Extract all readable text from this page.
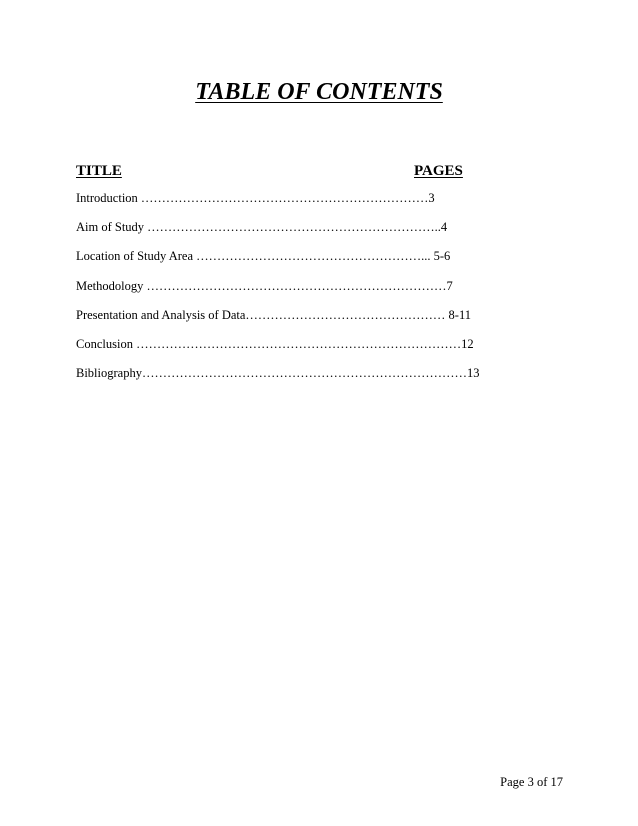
TABLE OF CONTENTS
TITLE	PAGES
Introduction ……………………………………………………………3
Aim of Study ……………………………………………………………..4
Location of Study Area ………………………………………………... 5-6
Methodology ………………………………………………………………7
Presentation and Analysis of Data………………………………………… 8-11
Conclusion ……………………………………………………………………12
Bibliography……………………………………………………………………13
Page 3 of 17
